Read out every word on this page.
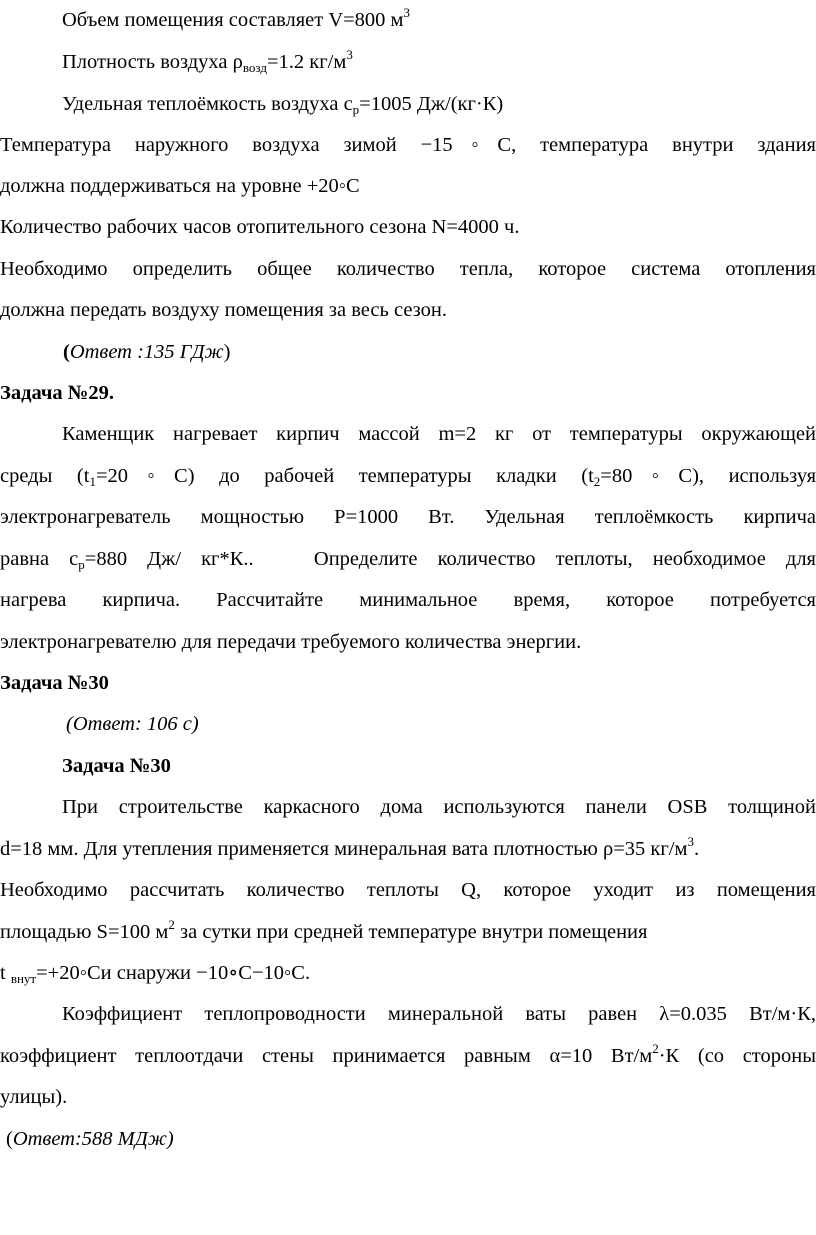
Объем помещения составляет V=800 $м^3$
Плотность воздуха $\rho_{возд}=1.2$ $кг/м^3$
Удельная теплоёмкость воздуха $c_p=1005$ Дж/(кг·К)
Температура наружного воздуха зимой −15◦C, температура внутри здания
должна поддерживаться на уровне +20◦C
Количество рабочих часов отопительного сезона N=4000 ч.
Необходимо определить общее количество тепла, которое система отопления
должна передать воздуху помещения за весь сезон.
(Ответ :135 ГДж)
Задача №29.
Каменщик нагревает кирпич массой m=2 кг от температуры окружающей
среды $(t_1=20◦C)$ до рабочей температуры кладки $(t_2=80◦C)$, используя
электронагреватель мощностью P=1000 Вт. Удельная теплоёмкость кирпича
равна $c_p=880$ Дж/ кг*К..   Определите количество теплоты, необходимое для
нагрева кирпича. Рассчитайте минимальное время, которое потребуется
электронагревателю для передачи требуемого количества энергии.
Задача №30
(Ответ: 106 с)
Задача №30
При строительстве каркасного дома используются панели OSB толщиной
d=18 мм. Для утепления применяется минеральная вата плотностью ρ=35 $кг/м^3$.
Необходимо рассчитать количество теплоты Q, которое уходит из помещения
площадью S=100 $м^2$ за сутки при средней температуре внутри помещения
t $_{внут}$=+20◦Cи снаружи −10∘C−10◦C.
Коэффициент теплопроводности минеральной ваты равен λ=0.035 Вт/м·К,
коэффициент теплоотдачи стены принимается равным α=10 $Вт/м^2\cdot К$ (со стороны
улицы).
(Ответ:588 МДж)
